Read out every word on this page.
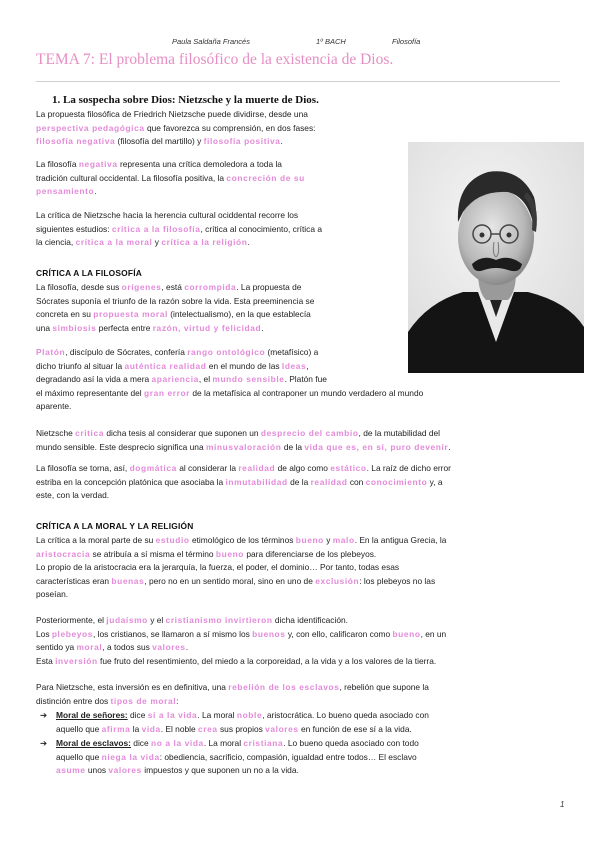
Paula Saldaña Francés	1º BACH	Filosofía
TEMA 7: El problema filosófico de la existencia de Dios.
1. La sospecha sobre Dios: Nietzsche y la muerte de Dios.
La propuesta filosófica de Friedrich Nietzsche puede dividirse, desde una
perspectiva pedagógica que favorezca su comprensión, en dos fases:
filosofía negativa (filosofía del martillo) y filosofía positiva.
La filosofía negativa representa una crítica demoledora a toda la
tradición cultural occidental. La filosofía positiva, la concreción de su
pensamiento.
La crítica de Nietzsche hacia la herencia cultural ociddental recorre los
siguientes estudios: crítica a la filosofía, crítica al conocimiento, crítica a
la ciencia, crítica a la moral y crítica a la religión.
CRÍTICA A LA FILOSOFÍA
La filosofía, desde sus orígenes, está corrompida. La propuesta de
Sócrates suponía el triunfo de la razón sobre la vida. Esta preeminencia se
concreta en su propuesta moral (intelectualismo), en la que establecía
una simbiosis perfecta entre razón, virtud y felicidad.
Platón, discípulo de Sócrates, confería rango ontológico (metafísico) a
dicho triunfo al situar la auténtica realidad en el mundo de las Ideas,
degradando así la vida a mera apariencia, el mundo sensible. Platón fue
el máximo representante del gran error de la metafísica al contraponer un mundo verdadero al mundo
aparente.
Nietzsche critica dicha tesis al considerar que suponen un desprecio del cambio, de la mutabilidad del
mundo sensible. Este desprecio significa una minusvaloración de la vida que es, en sí, puro devenir.
La filosofía se torna, así, dogmática al considerar la realidad de algo como estático. La raíz de dicho error
estriba en la concepción platónica que asociaba la inmutabilidad de la realidad con conocimiento y, a
este, con la verdad.
CRÍTICA A LA MORAL Y LA RELIGIÓN
La crítica a la moral parte de su estudio etimológico de los términos bueno y malo. En la antigua Grecia, la
aristocracia se atribuía a sí misma el término bueno para diferenciarse de los plebeyos.
Lo propio de la aristocracia era la jerarquía, la fuerza, el poder, el dominio… Por tanto, todas esas
características eran buenas, pero no en un sentido moral, sino en uno de exclusión: los plebeyos no las
poseían.
Posteriormente, el judaísmo y el cristianismo invirtieron dicha identificación.
Los plebeyos, los cristianos, se llamaron a sí mismo los buenos y, con ello, calificaron como bueno, en un
sentido ya moral, a todos sus valores.
Esta inversión fue fruto del resentimiento, del miedo a la corporeidad, a la vida y a los valores de la tierra.
Para Nietzsche, esta inversión es en definitiva, una rebelión de los esclavos, rebelión que supone la
distinción entre dos tipos de moral:
➔ Moral de señores: dice sí a la vida. La moral noble, aristocrática. Lo bueno queda asociado con
aquello que afirma la vida. El noble crea sus propios valores en función de ese sí a la vida.
➔ Moral de esclavos: dice no a la vida. La moral cristiana. Lo bueno queda asociado con todo
aquello que niega la vida: obediencia, sacrificio, compasión, igualdad entre todos… El esclavo
asume unos valores impuestos y que suponen un no a la vida.
1
